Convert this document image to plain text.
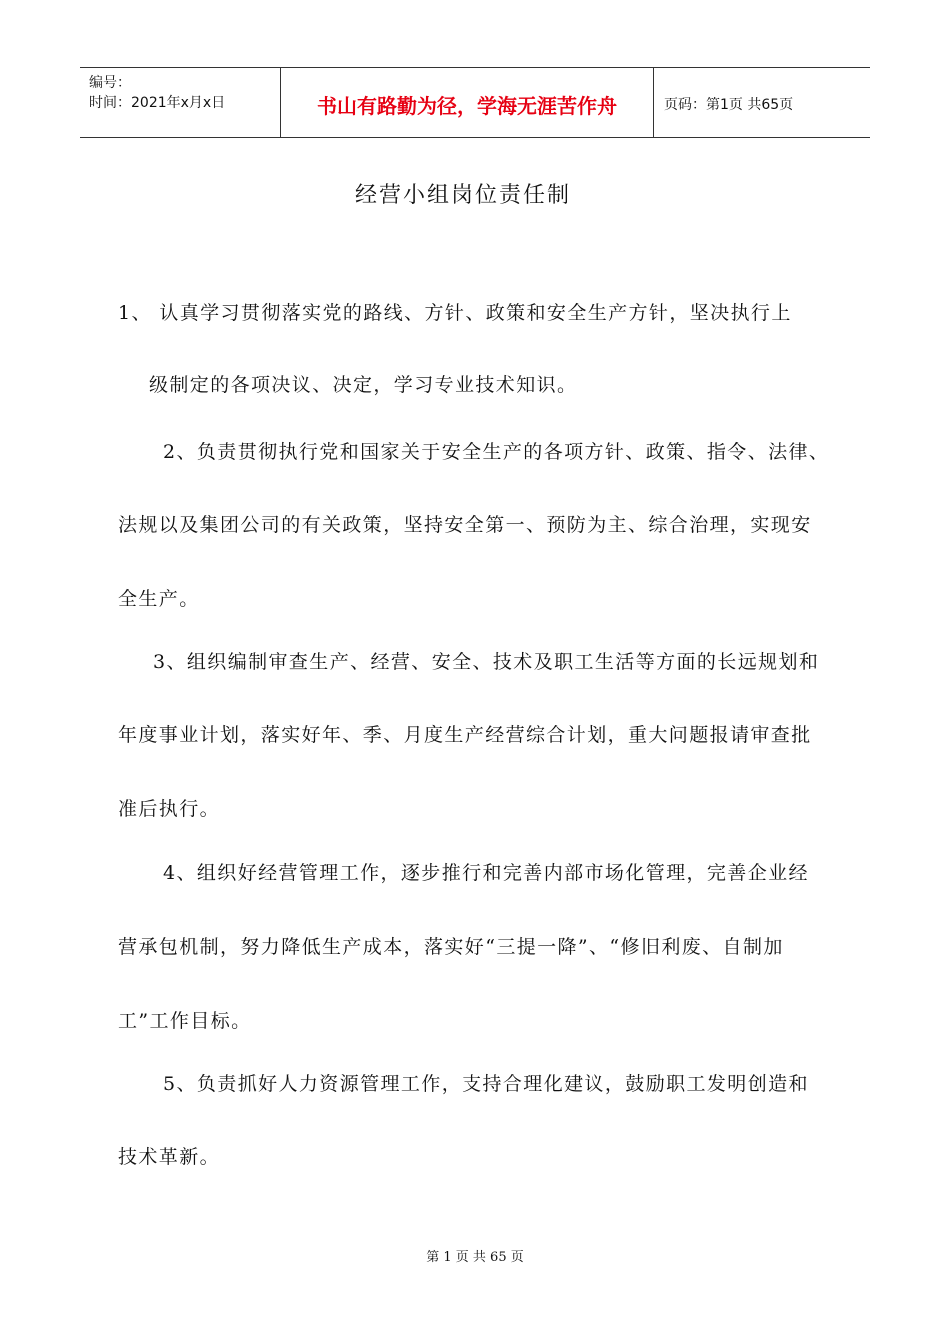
编号：
时间：2021年x月x日	书山有路勤为径，学海无涯苦作舟	页码：第1页 共65页
经营小组岗位责任制
1、 认真学习贯彻落实党的路线、方针、政策和安全生产方针，坚决执行上
级制定的各项决议、决定，学习专业技术知识。
2、负责贯彻执行党和国家关于安全生产的各项方针、政策、指令、法律、
法规以及集团公司的有关政策，坚持安全第一、预防为主、综合治理，实现安
全生产。
3、组织编制审查生产、经营、安全、技术及职工生活等方面的长远规划和
年度事业计划，落实好年、季、月度生产经营综合计划，重大问题报请审查批
准后执行。
4、组织好经营管理工作，逐步推行和完善内部市场化管理，完善企业经
营承包机制，努力降低生产成本，落实好“三提一降”、“修旧利废、自制加
工”工作目标。
5、负责抓好人力资源管理工作，支持合理化建议，鼓励职工发明创造和
技术革新。
第 1 页 共 65 页
